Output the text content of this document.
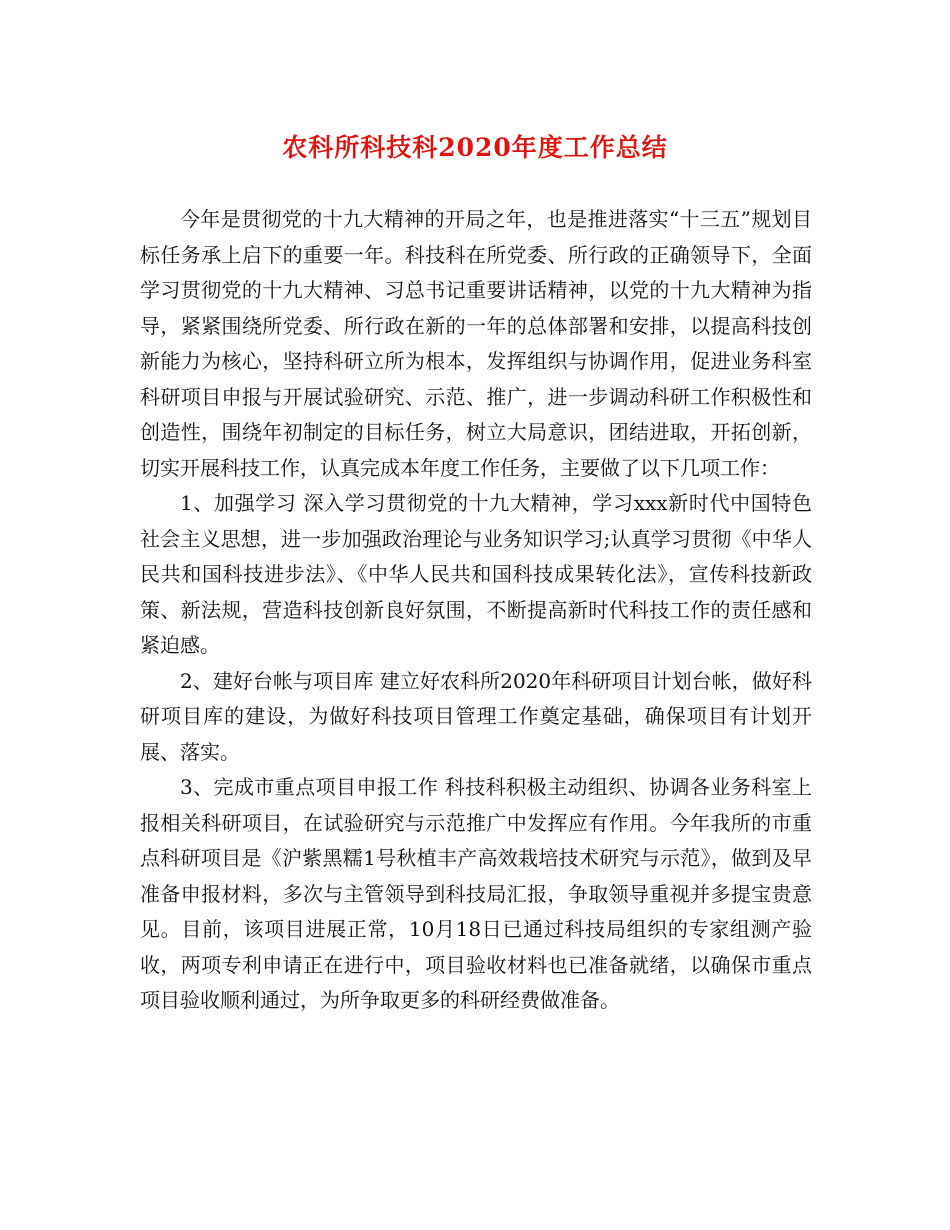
农科所科技科2020年度工作总结

今年是贯彻党的十九大精神的开局之年，也是推进落实“十三五”规划目标任务承上启下的重要一年。科技科在所党委、所行政的正确领导下，全面学习贯彻党的十九大精神、习总书记重要讲话精神，以党的十九大精神为指导，紧紧围绕所党委、所行政在新的一年的总体部署和安排，以提高科技创新能力为核心，坚持科研立所为根本，发挥组织与协调作用，促进业务科室科研项目申报与开展试验研究、示范、推广，进一步调动科研工作积极性和创造性，围绕年初制定的目标任务，树立大局意识，团结进取，开拓创新，切实开展科技工作，认真完成本年度工作任务，主要做了以下几项工作：

1、加强学习 深入学习贯彻党的十九大精神，学习xxx新时代中国特色社会主义思想，进一步加强政治理论与业务知识学习;认真学习贯彻《中华人民共和国科技进步法》、《中华人民共和国科技成果转化法》，宣传科技新政策、新法规，营造科技创新良好氛围，不断提高新时代科技工作的责任感和紧迫感。

2、建好台帐与项目库 建立好农科所2020年科研项目计划台帐，做好科研项目库的建设，为做好科技项目管理工作奠定基础，确保项目有计划开展、落实。

3、完成市重点项目申报工作 科技科积极主动组织、协调各业务科室上报相关科研项目，在试验研究与示范推广中发挥应有作用。今年我所的市重点科研项目是《沪紫黑糯1号秋植丰产高效栽培技术研究与示范》，做到及早准备申报材料，多次与主管领导到科技局汇报，争取领导重视并多提宝贵意见。目前，该项目进展正常，10月18日已通过科技局组织的专家组测产验收，两项专利申请正在进行中，项目验收材料也已准备就绪，以确保市重点项目验收顺利通过，为所争取更多的科研经费做准备。
